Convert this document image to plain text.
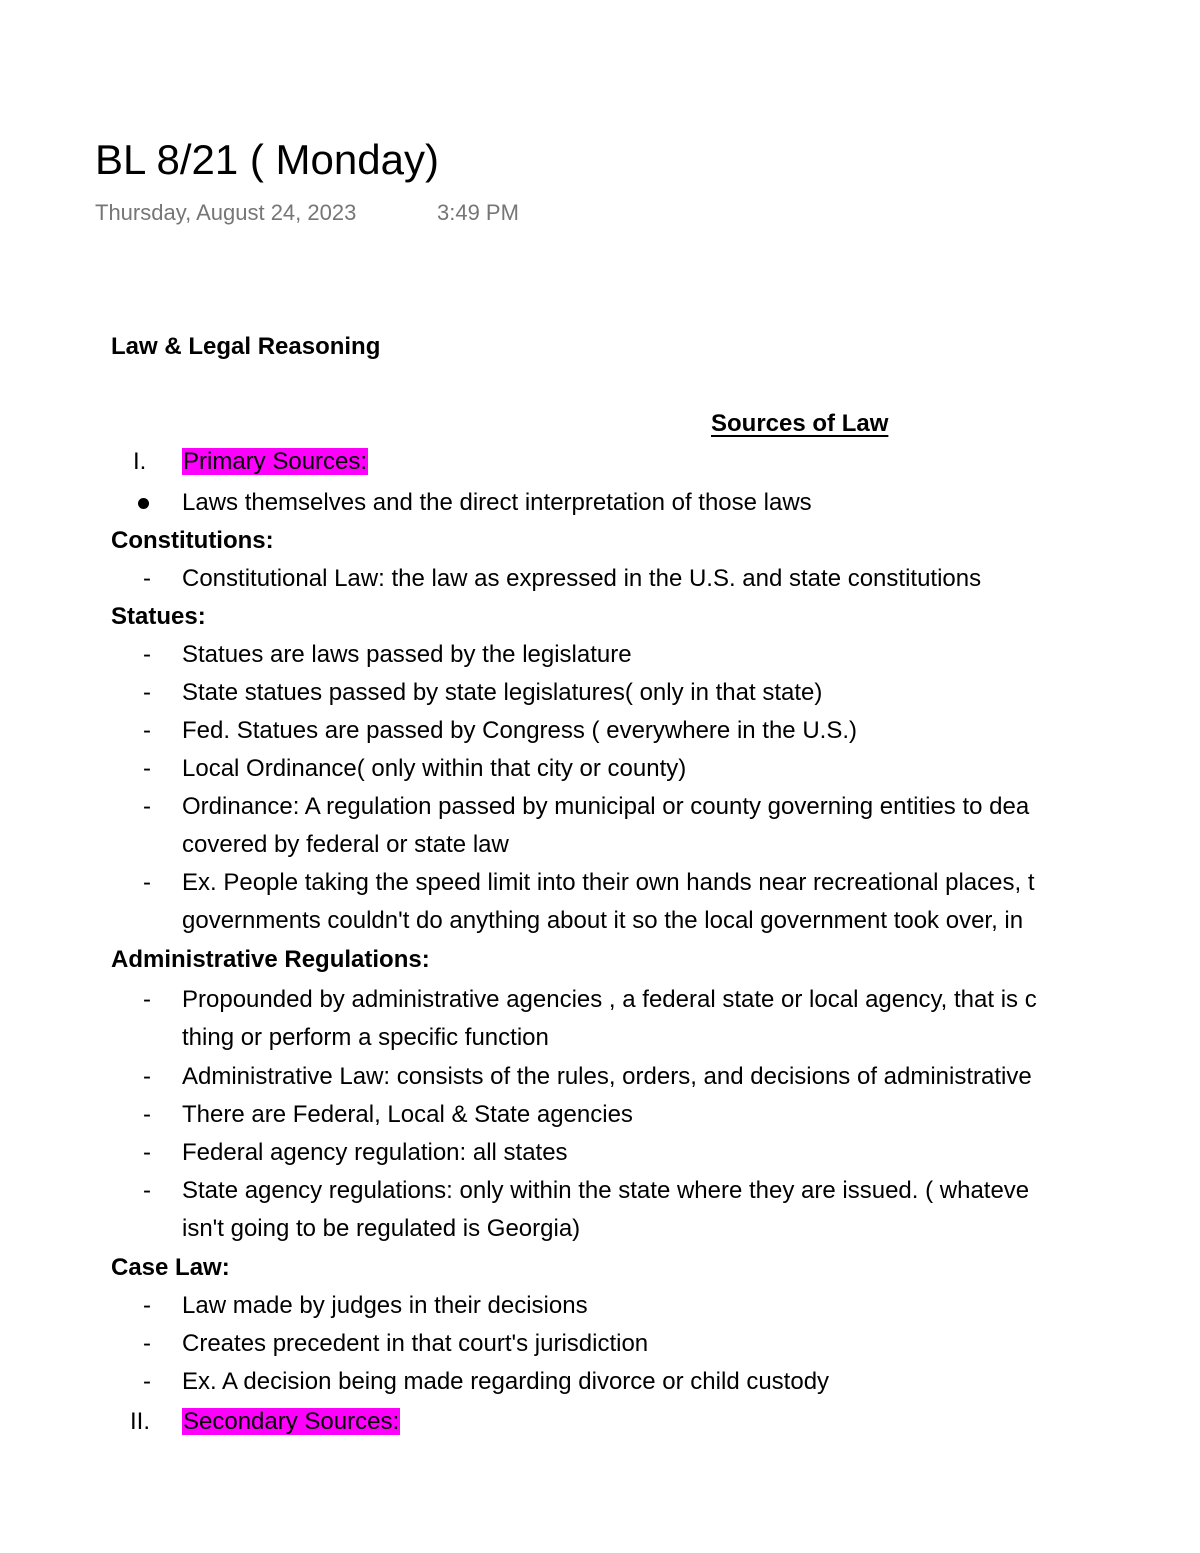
BL 8/21 ( Monday)
Thursday, August 24, 2023	3:49 PM
Law & Legal Reasoning
Sources of Law
I. Primary Sources:
Laws themselves and the direct interpretation of those laws
Constitutions:
- Constitutional Law: the law as expressed in the U.S. and state constitutions
Statues:
- Statues are laws passed by the legislature
- State statues passed by state legislatures( only in that state)
- Fed. Statues are passed by Congress ( everywhere in the U.S.)
- Local Ordinance( only within that city or county)
- Ordinance: A regulation passed by municipal or county governing entities to dea
covered by federal or state law
- Ex. People taking the speed limit into their own hands near recreational places, t
governments couldn't do anything about it so the local government took over, in
Administrative Regulations:
- Propounded by administrative agencies , a federal state or local agency, that is c
thing or perform a specific function
- Administrative Law: consists of the rules, orders, and decisions of administrative
- There are Federal, Local & State agencies
- Federal agency regulation: all states
- State agency regulations: only within the state where they are issued. ( whateve
isn't going to be regulated is Georgia)
Case Law:
- Law made by judges in their decisions
- Creates precedent in that court's jurisdiction
- Ex. A decision being made regarding divorce or child custody
II. Secondary Sources:
